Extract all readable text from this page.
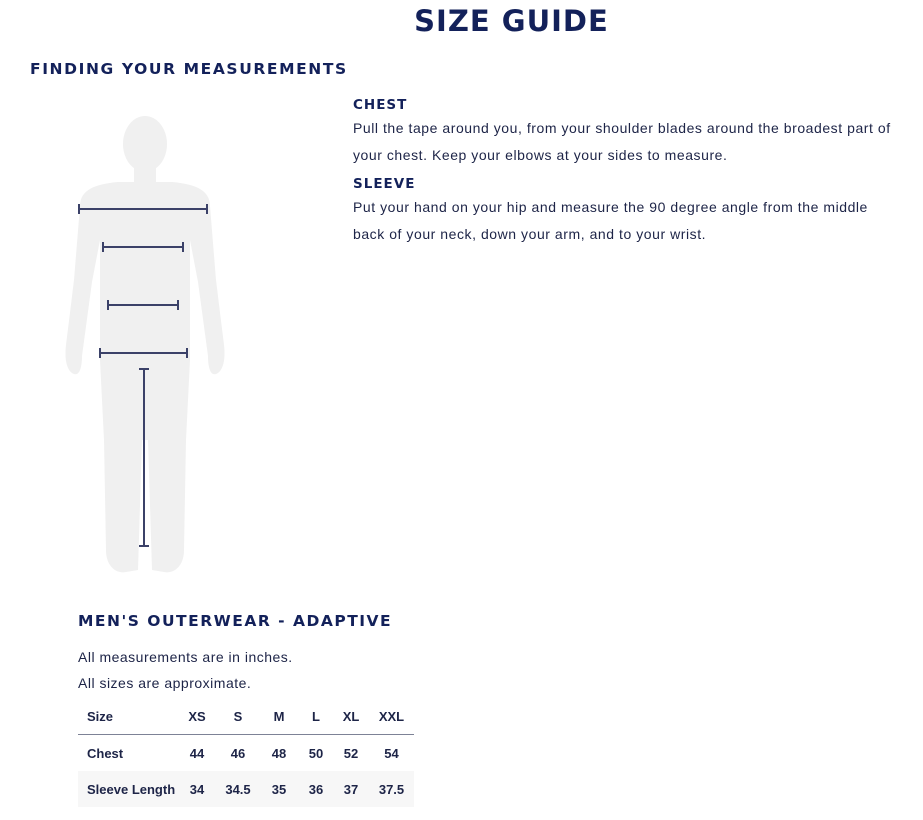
SIZE GUIDE
FINDING YOUR MEASUREMENTS

CHEST

Pull the tape around you, from your shoulder blades around the broadest part of your chest. Keep your elbows at your sides to measure.

SLEEVE

Put your hand on your hip and measure the 90 degree angle from the middle back of your neck, down your arm, and to your wrist.

MEN'S OUTERWEAR - ADAPTIVE
All measurements are in inches.
All sizes are approximate.
Size	XS	S	M	L	XL	XXL
Chest	44	46	48	50	52	54
Sleeve Length	34	34.5	35	36	37	37.5
